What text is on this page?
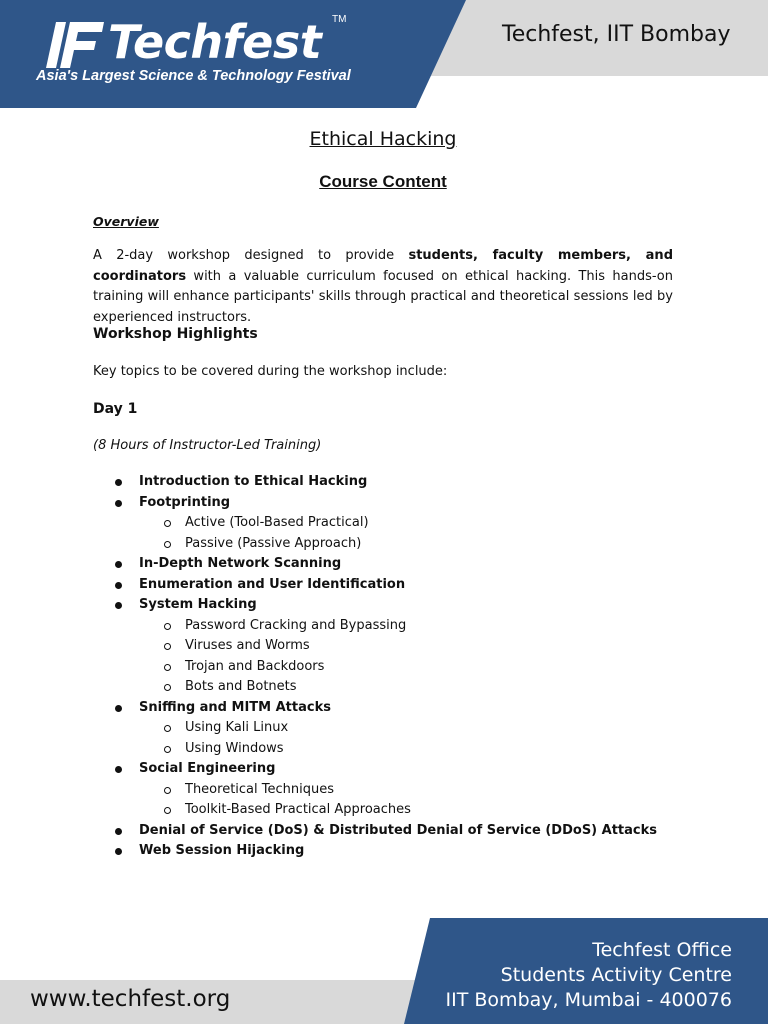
Techfest TM
Asia's Largest Science & Technology Festival
Techfest, IIT Bombay
Ethical Hacking
Course Content
Overview

A 2-day workshop designed to provide students, faculty members, and coordinators with a valuable curriculum focused on ethical hacking. This hands-on training will enhance participants' skills through practical and theoretical sessions led by experienced instructors.

Workshop Highlights
Key topics to be covered during the workshop include:
Day 1
(8 Hours of Instructor-Led Training)
Introduction to Ethical Hacking
Footprinting
Active (Tool-Based Practical)
Passive (Passive Approach)
In-Depth Network Scanning
Enumeration and User Identification
System Hacking
Password Cracking and Bypassing
Viruses and Worms
Trojan and Backdoors
Bots and Botnets
Sniffing and MITM Attacks
Using Kali Linux
Using Windows
Social Engineering
Theoretical Techniques
Toolkit-Based Practical Approaches
Denial of Service (DoS) & Distributed Denial of Service (DDoS) Attacks
Web Session Hijacking
www.techfest.org
Techfest Office
Students Activity Centre
IIT Bombay, Mumbai - 400076
